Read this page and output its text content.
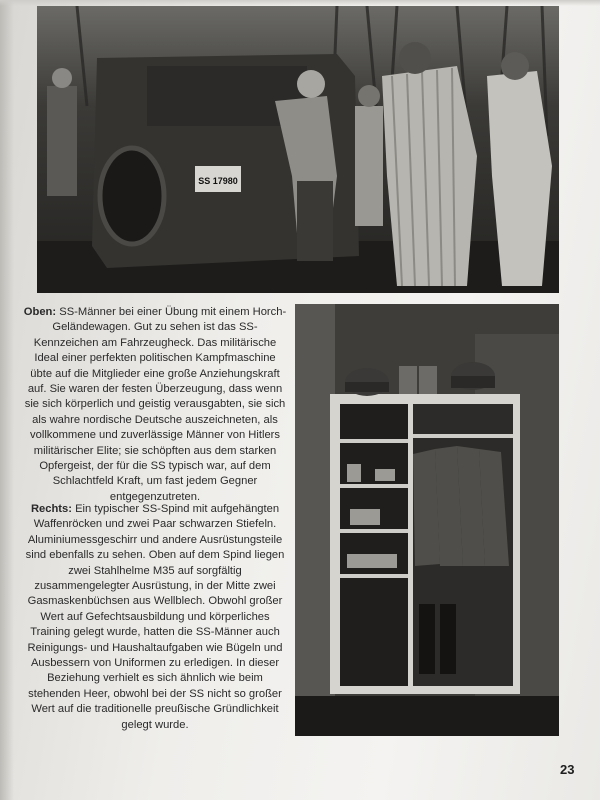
SS 17980

Oben: SS-Männer bei einer Übung mit einem Horch-Geländewagen. Gut zu sehen ist das SS-Kennzeichen am Fahrzeugheck. Das militärische Ideal einer perfekten politischen Kampfmaschine übte auf die Mitglieder eine große Anziehungskraft auf. Sie waren der festen Überzeugung, dass wenn sie sich körperlich und geistig verausgabten, sie sich als wahre nordische Deutsche auszeichneten, als vollkommene und zuverlässige Männer von Hitlers militärischer Elite; sie schöpften aus dem starken Opfergeist, der für die SS typisch war, auf dem Schlachtfeld Kraft, um fast jedem Gegner entgegenzutreten.

Rechts: Ein typischer SS-Spind mit aufgehängten Waffenröcken und zwei Paar schwarzen Stiefeln. Aluminiumessgeschirr und andere Ausrüstungsteile sind ebenfalls zu sehen. Oben auf dem Spind liegen zwei Stahlhelme M35 auf sorgfältig zusammengelegter Ausrüstung, in der Mitte zwei Gasmaskenbüchsen aus Wellblech. Obwohl großer Wert auf Gefechtsausbildung und körperliches Training gelegt wurde, hatten die SS-Männer auch Reinigungs- und Haushaltaufgaben wie Bügeln und Ausbessern von Uniformen zu erledigen. In dieser Beziehung verhielt es sich ähnlich wie beim stehenden Heer, obwohl bei der SS nicht so großer Wert auf die traditionelle preußische Gründlichkeit gelegt wurde.

23
